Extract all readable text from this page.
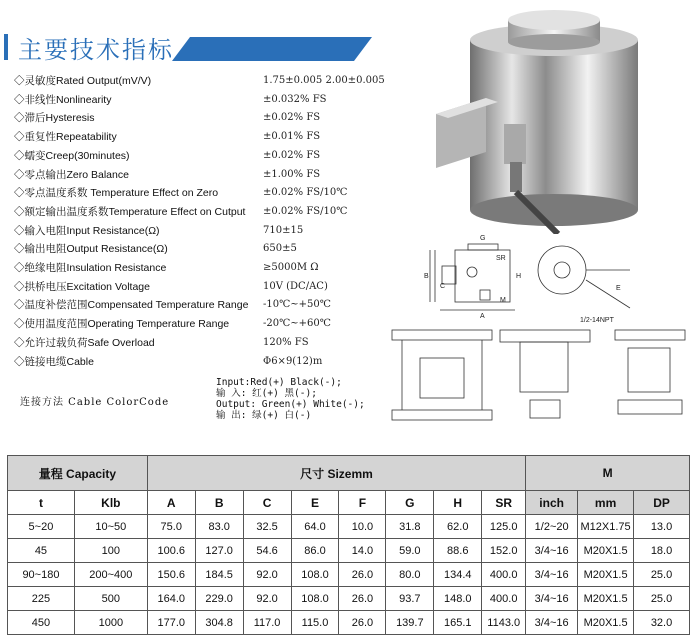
主要技术指标
◇灵敏度Rated Output(mV/V)	1.75±0.005 2.00±0.005
◇非线性Nonlinearity	±0.032% FS
◇滞后Hysteresis	±0.02% FS
◇重复性Repeatability	±0.01% FS
◇蠕变Creep(30minutes)	±0.02% FS
◇零点输出Zero Balance	±1.00% FS
◇零点温度系数 Temperature Effect on Zero	±0.02% FS/10℃
◇额定输出温度系数Temperature Effect on Cutput ±0.02% FS/10℃
◇输入电阻Input Resistance(Ω)	710±15
◇输出电阻Output Resistance(Ω)	650±5
◇绝缘电阻Insulation Resistance	≥5000M Ω
◇拱桥电压Excitation Voltage	10V (DC/AC)
◇温度补偿范围Compensated Temperature Range -10℃~+50℃
◇使用温度范围Operating Temperature Range	-20℃~+60℃
◇允许过载负荷Safe Overload	120% FS
◇链接电缆Cable	Φ6×9(12)m
连接方法 Cable ColorCode
Input:Red(+) Black(-);
输 入: 红(+) 黑(-);
Output: Green(+) White(-);
输 出: 绿(+) 白(-)
G
SR
B
C
H
M
A
E
1/2-14NPT
量程 Capacity		尺寸 Sizemm								M		
t	Klb	A	B	C	E	F	G	H	SR	inch	mm	DP
5~20	10~50	75.0	83.0	32.5	64.0	10.0	31.8	62.0	125.0	1/2~20	M12X1.75	13.0
45	100	100.6	127.0	54.6	86.0	14.0	59.0	88.6	152.0	3/4~16	M20X1.5	18.0
90~180	200~400	150.6	184.5	92.0	108.0	26.0	80.0	134.4	400.0	3/4~16	M20X1.5	25.0
225	500	164.0	229.0	92.0	108.0	26.0	93.7	148.0	400.0	3/4~16	M20X1.5	25.0
450	1000	177.0	304.8	117.0	115.0	26.0	139.7	165.1	1143.0	3/4~16	M20X1.5	32.0
